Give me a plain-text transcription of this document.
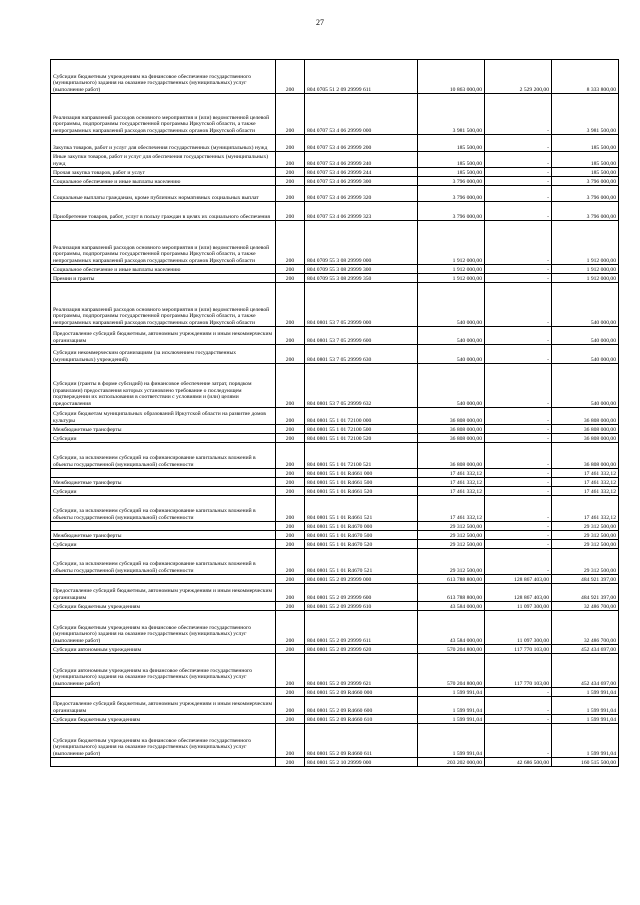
27
Субсидии бюджетным учреждениям на финансовое обеспечение государственного (муниципального) задания на оказание государственных (муниципальных) услуг (выполнение работ)	200	804 0705 51 2 09 29999 611	10 863 000,00	2 529 200,00	8 333 800,00
Реализация направлений расходов основного мероприятия и (или) ведомственной целевой программы, подпрограммы государственной программы Иркутской области, а также непрограммных направлений расходов государственных органов Иркутской области	200	804 0707 53 4 06 29999 000	3 981 500,00	-	3 981 500,00
Закупка товаров, работ и услуг для обеспечения государственных (муниципальных) нужд	200	804 0707 53 4 06 29999 200	185 500,00	-	185 500,00
Иные закупки товаров, работ и услуг для обеспечения государственных (муниципальных) нужд	200	804 0707 53 4 06 29999 240	185 500,00	-	185 500,00
Прочая закупка товаров, работ и услуг	200	804 0707 53 4 06 29999 244	185 500,00	-	185 500,00
Социальное обеспечение и иные выплаты населению	200	804 0707 53 4 06 29999 300	3 796 000,00	-	3 796 000,00
Социальные выплаты гражданам, кроме публичных нормативных социальных выплат	200	804 0707 53 4 06 29999 320	3 796 000,00	-	3 796 000,00
Приобретение товаров, работ, услуг в пользу граждан в целях их социального обеспечения	200	804 0707 53 4 06 29999 323	3 796 000,00	-	3 796 000,00
Реализация направлений расходов основного мероприятия и (или) ведомственной целевой программы, подпрограммы государственной программы Иркутской области, а также непрограммных направлений расходов государственных органов Иркутской области	200	804 0709 55 3 08 29999 000	1 912 000,00	-	1 912 000,00
Социальное обеспечение и иные выплаты населению	200	804 0709 55 3 08 29999 300	1 912 000,00	-	1 912 000,00
Премии и гранты	200	804 0709 55 3 08 29999 350	1 912 000,00	-	1 912 000,00
Реализация направлений расходов основного мероприятия и (или) ведомственной целевой программы, подпрограммы государственной программы Иркутской области, а также непрограммных направлений расходов государственных органов Иркутской области	200	804 0801 53 7 05 29999 000	540 000,00	-	540 000,00
Предоставление субсидий бюджетным, автономным учреждениям и иным некоммерческим организациям	200	804 0801 53 7 05 29999 600	540 000,00	-	540 000,00
Субсидии некоммерческим организациям (за исключением государственных (муниципальных) учреждений)	200	804 0801 53 7 05 29999 630	540 000,00	-	540 000,00
Субсидии (гранты в форме субсидий) на финансовое обеспечение затрат, порядком (правилами) предоставления которых установлено требование о последующем подтверждении их использования в соответствии с условиями и (или) целями предоставления	200	804 0801 53 7 05 29999 632	540 000,00	-	540 000,00
Субсидии бюджетам муниципальных образований Иркутской области на развитие домов культуры	200	804 0801 55 1 01 72100 000	36 808 000,00	-	36 808 000,00
Межбюджетные трансферты	200	804 0801 55 1 01 72100 500	36 808 000,00	-	36 808 000,00
Субсидии	200	804 0801 55 1 01 72100 520	36 808 000,00	-	36 808 000,00
Субсидии, за исключением субсидий на софинансирование капитальных вложений в объекты государственной (муниципальной) собственности	200	804 0801 55 1 01 72100 521	36 808 000,00	-	36 808 000,00
	200	804 0801 55 1 01 R4661 000	17 461 332,12	-	17 461 332,12
Межбюджетные трансферты	200	804 0801 55 1 01 R4661 500	17 461 332,12	-	17 461 332,12
Субсидии	200	804 0801 55 1 01 R4661 520	17 461 332,12	-	17 461 332,12
Субсидии, за исключением субсидий на софинансирование капитальных вложений в объекты государственной (муниципальной) собственности	200	804 0801 55 1 01 R4661 521	17 461 332,12	-	17 461 332,12
	200	804 0801 55 1 01 R4670 000	29 312 500,00	-	29 312 500,00
Межбюджетные трансферты	200	804 0801 55 1 01 R4670 500	29 312 500,00	-	29 312 500,00
Субсидии	200	804 0801 55 1 01 R4670 520	29 312 500,00	-	29 312 500,00
Субсидии, за исключением субсидий на софинансирование капитальных вложений в объекты государственной (муниципальной) собственности	200	804 0801 55 1 01 R4670 521	29 312 500,00	-	29 312 500,00
	200	804 0801 55 2 09 29999 000	613 788 800,00	128 867 403,00	484 921 397,00
Предоставление субсидий бюджетным, автономным учреждениям и иным некоммерческим организациям	200	804 0801 55 2 09 29999 600	613 788 800,00	128 867 403,00	484 921 397,00
Субсидии бюджетным учреждениям	200	804 0801 55 2 09 29999 610	43 584 000,00	11 097 300,00	32 486 700,00
Субсидии бюджетным учреждениям на финансовое обеспечение государственного (муниципального) задания на оказание государственных (муниципальных) услуг (выполнение работ)	200	804 0801 55 2 09 29999 611	43 584 000,00	11 097 300,00	32 486 700,00
Субсидии автономным учреждениям	200	804 0801 55 2 09 29999 620	570 204 800,00	117 770 103,00	452 434 697,00
Субсидии автономным учреждениям на финансовое обеспечение государственного (муниципального) задания на оказание государственных (муниципальных) услуг (выполнение работ)	200	804 0801 55 2 09 29999 621	570 204 800,00	117 770 103,00	452 434 697,00
	200	804 0801 55 2 09 R4660 000	1 599 991,04	-	1 599 991,04
Предоставление субсидий бюджетным, автономным учреждениям и иным некоммерческим организациям	200	804 0801 55 2 09 R4660 600	1 599 991,04	-	1 599 991,04
Субсидии бюджетным учреждениям	200	804 0801 55 2 09 R4660 610	1 599 991,04	-	1 599 991,04
Субсидии бюджетным учреждениям на финансовое обеспечение государственного (муниципального) задания на оказание государственных (муниципальных) услуг (выполнение работ)	200	804 0801 55 2 09 R4660 611	1 599 991,04	-	1 599 991,04
	200	804 0801 55 2 10 29999 000	203 202 000,00	42 686 500,00	160 515 500,00
